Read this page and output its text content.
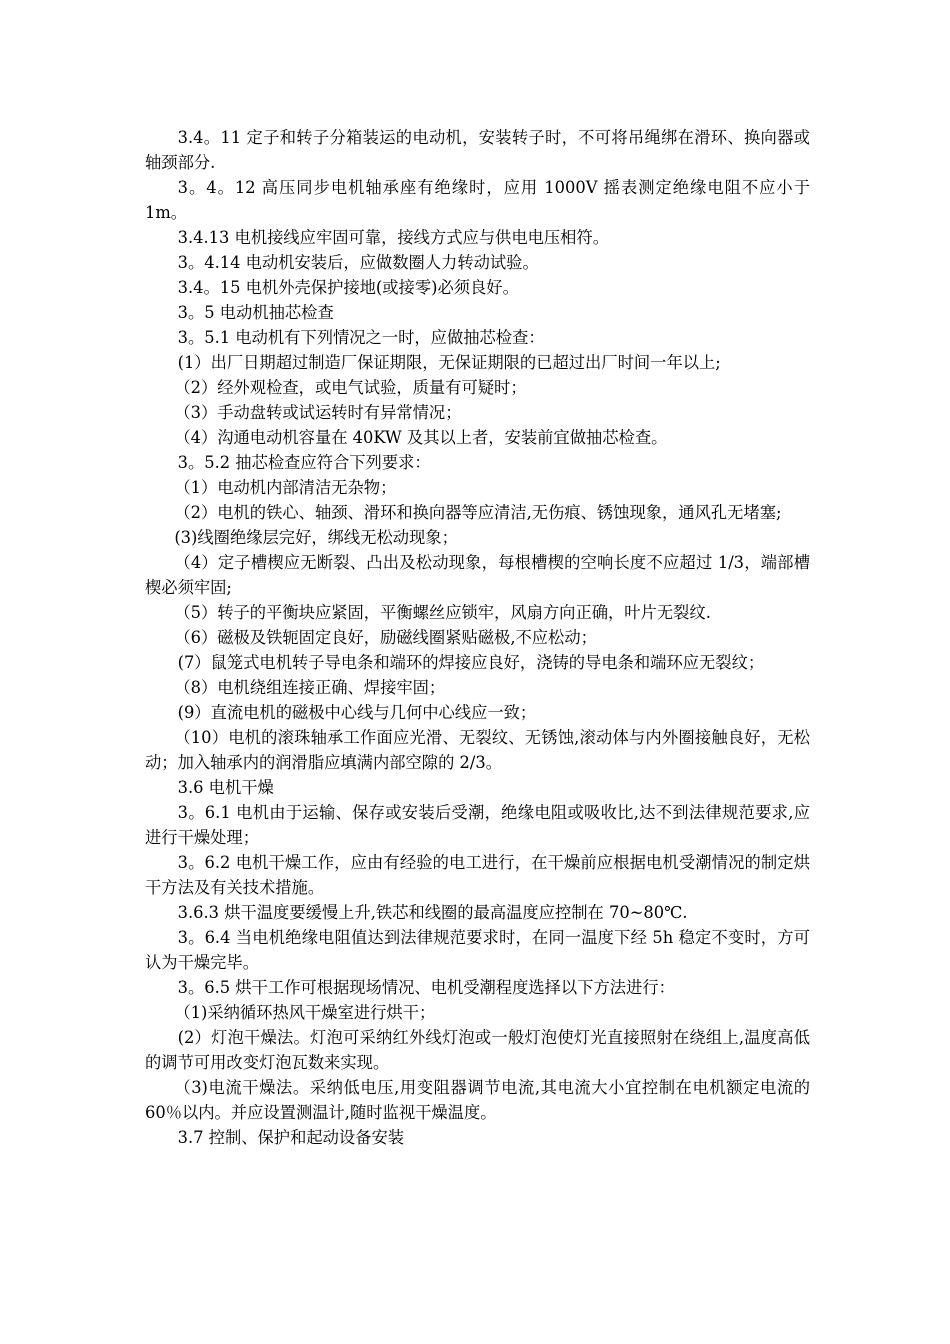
3.4。11 定子和转子分箱装运的电动机，安装转子时，不可将吊绳绑在滑环、换向器或轴颈部分.

3。4。12 高压同步电机轴承座有绝缘时，应用 1000V 摇表测定绝缘电阻不应小于 1m。

3.4.13 电机接线应牢固可靠，接线方式应与供电电压相符。

3。4.14 电动机安装后，应做数圈人力转动试验。

3.4。15 电机外壳保护接地(或接零)必须良好。

3。5 电动机抽芯检查

3。5.1 电动机有下列情况之一时，应做抽芯检查：

(1）出厂日期超过制造厂保证期限，无保证期限的已超过出厂时间一年以上;

（2）经外观检查，或电气试验，质量有可疑时；

（3）手动盘转或试运转时有异常情况；

（4）沟通电动机容量在 40KW 及其以上者，安装前宜做抽芯检查。

3。5.2 抽芯检查应符合下列要求：

（1）电动机内部清洁无杂物；

（2）电机的铁心、轴颈、滑环和换向器等应清洁,无伤痕、锈蚀现象，通风孔无堵塞;

(3)线圈绝缘层完好，绑线无松动现象；

（4）定子槽楔应无断裂、凸出及松动现象，每根槽楔的空响长度不应超过 1/3，端部槽楔必须牢固;

（5）转子的平衡块应紧固，平衡螺丝应锁牢，风扇方向正确，叶片无裂纹.

（6）磁极及铁轭固定良好，励磁线圈紧贴磁极,不应松动；

(7）鼠笼式电机转子导电条和端环的焊接应良好，浇铸的导电条和端环应无裂纹；

（8）电机绕组连接正确、焊接牢固；

(9）直流电机的磁极中心线与几何中心线应一致；

（10）电机的滚珠轴承工作面应光滑、无裂纹、无锈蚀,滚动体与内外圈接触良好，无松动；加入轴承内的润滑脂应填满内部空隙的 2/3。

3.6 电机干燥

3。6.1 电机由于运输、保存或安装后受潮，绝缘电阻或吸收比,达不到法律规范要求,应进行干燥处理；

3。6.2 电机干燥工作，应由有经验的电工进行，在干燥前应根据电机受潮情况的制定烘干方法及有关技术措施。

3.6.3 烘干温度要缓慢上升,铁芯和线圈的最高温度应控制在 70~80℃.

3。6.4 当电机绝缘电阻值达到法律规范要求时，在同一温度下经 5h 稳定不变时，方可认为干燥完毕。

3。6.5 烘干工作可根据现场情况、电机受潮程度选择以下方法进行：

（1)采纳循环热风干燥室进行烘干；

(2）灯泡干燥法。灯泡可采纳红外线灯泡或一般灯泡使灯光直接照射在绕组上,温度高低的调节可用改变灯泡瓦数来实现。

（3)电流干燥法。采纳低电压,用变阻器调节电流,其电流大小宜控制在电机额定电流的 60％以内。并应设置测温计,随时监视干燥温度。

3.7 控制、保护和起动设备安装
